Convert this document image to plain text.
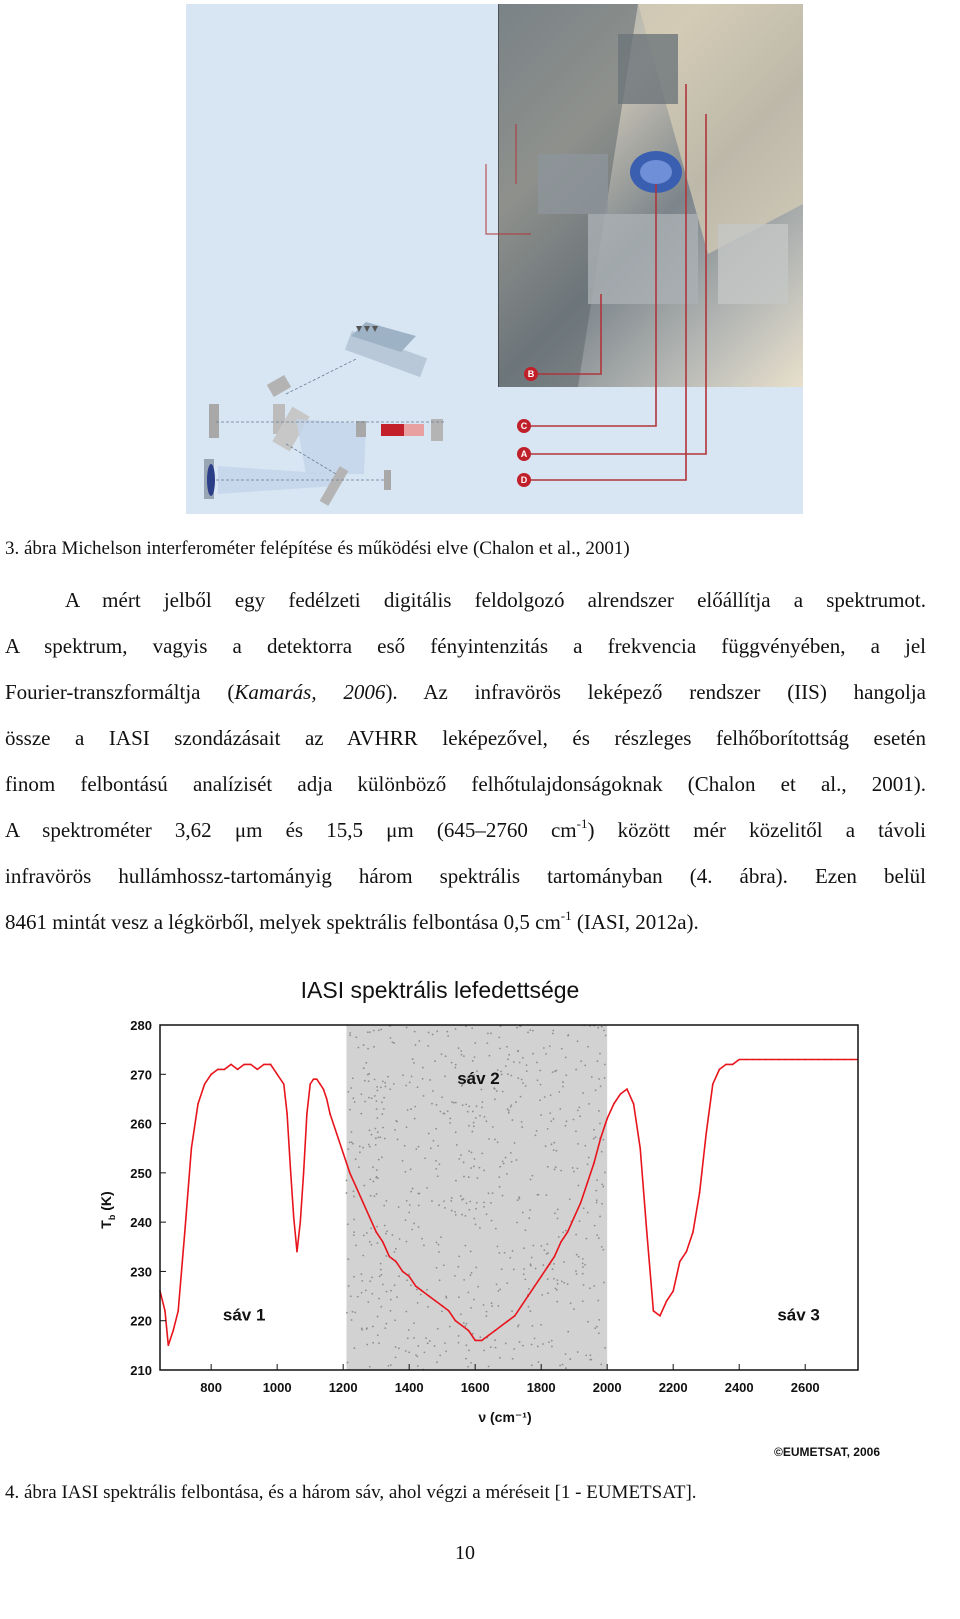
B
C
A
D
3. ábra Michelson interferométer felépítése és működési elve (Chalon et al., 2001)
A mért jelből egy fedélzeti digitális feldolgozó alrendszer előállítja a spektrumot.
A spektrum, vagyis a detektorra eső fényintenzitás a frekvencia függvényében, a jel
Fourier-transzformáltja (Kamarás, 2006). Az infravörös leképező rendszer (IIS) hangolja
össze a IASI szondázásait az AVHRR leképezővel, és részleges felhőborítottság esetén
finom felbontású analízisét adja különböző felhőtulajdonságoknak (Chalon et al., 2001).
A spektrométer 3,62 μm és 15,5 μm (645–2760 $cm^{-1}$) között mér közelitől a távoli
infravörös hullámhossz-tartományig három spektrális tartományban (4. ábra). Ezen belül
8461 mintát vesz a légkörből, melyek spektrális felbontása 0,5 $cm^{-1}$ (IASI, 2012a).
800	1000	1200	1400	1600	1800	2000	2200	2400	2600
210
220
230
240
250
260
270
280
sáv 1
sáv 2
sáv 3
IASI spektrális lefedettsége
ν (cm⁻¹)
$T_b$ (K)
©EUMETSAT, 2006
4. ábra IASI spektrális felbontása, és a három sáv, ahol végzi a méréseit [1 - EUMETSAT].
10
